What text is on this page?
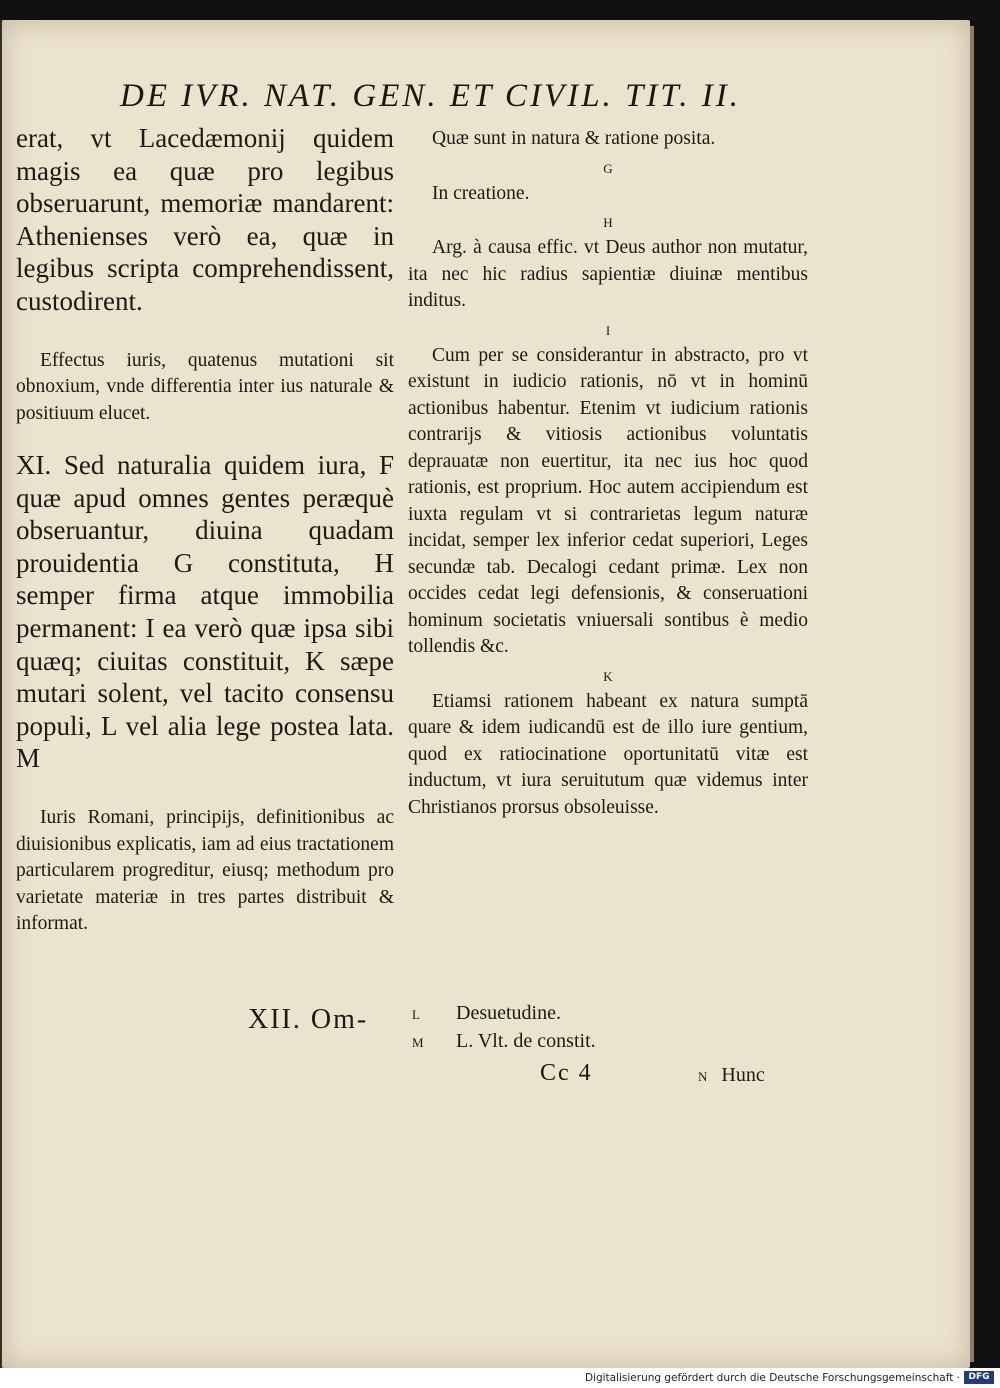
DE IVR. NAT. GEN. ET CIVIL. TIT. II.

erat, vt Lacedæmonij quidem magis ea quæ pro legibus obseruarunt, memoriæ mandarent: Athenienses verò ea, quæ in legibus scripta comprehendissent, custodirent.

Effectus iuris, quatenus mutationi sit obnoxium, vnde differentia inter ius naturale & positiuum elucet.

XI. Sed naturalia quidem iura, F quæ apud omnes gentes peræquè obseruantur, diuina quadam prouidentia G constituta, H semper firma atque immobilia permanent: I ea verò quæ ipsa sibi quæq; ciuitas constituit, K sæpe mutari solent, vel tacito consensu populi, L vel alia lege postea lata. M

Iuris Romani, principijs, definitionibus ac diuisionibus explicatis, iam ad eius tractationem particularem progreditur, eiusq; methodum pro varietate materiæ in tres partes distribuit & informat.

XII. Om-

Quæ sunt in natura & ratione posita.

G

In creatione.

H

Arg. à causa effic. vt Deus author non mutatur, ita nec hic radius sapientiæ diuinæ mentibus inditus.

I

Cum per se considerantur in abstracto, pro vt existunt in iudicio rationis, nō vt in hominū actionibus habentur. Etenim vt iudicium rationis contrarijs & vitiosis actionibus voluntatis deprauatæ non euertitur, ita nec ius hoc quod rationis, est proprium. Hoc autem accipiendum est iuxta regulam vt si contrarietas legum naturæ incidat, semper lex inferior cedat superiori, Leges secundæ tab. Decalogi cedant primæ. Lex non occides cedat legi defensionis, & conseruationi hominum societatis vniuersali sontibus è medio tollendis &c.

K

Etiamsi rationem habeant ex natura sumptā quare & idem iudicandū est de illo iure gentium, quod ex ratiocinatione oportunitatū vitæ est inductum, vt iura seruitutum quæ videmus inter Christianos prorsus obsoleuisse.

L Desuetudine.
M L. Vlt. de constit.
Cc 4	N Hunc
Digitalisierung gefördert durch die Deutsche Forschungsgemeinschaft · DFG
